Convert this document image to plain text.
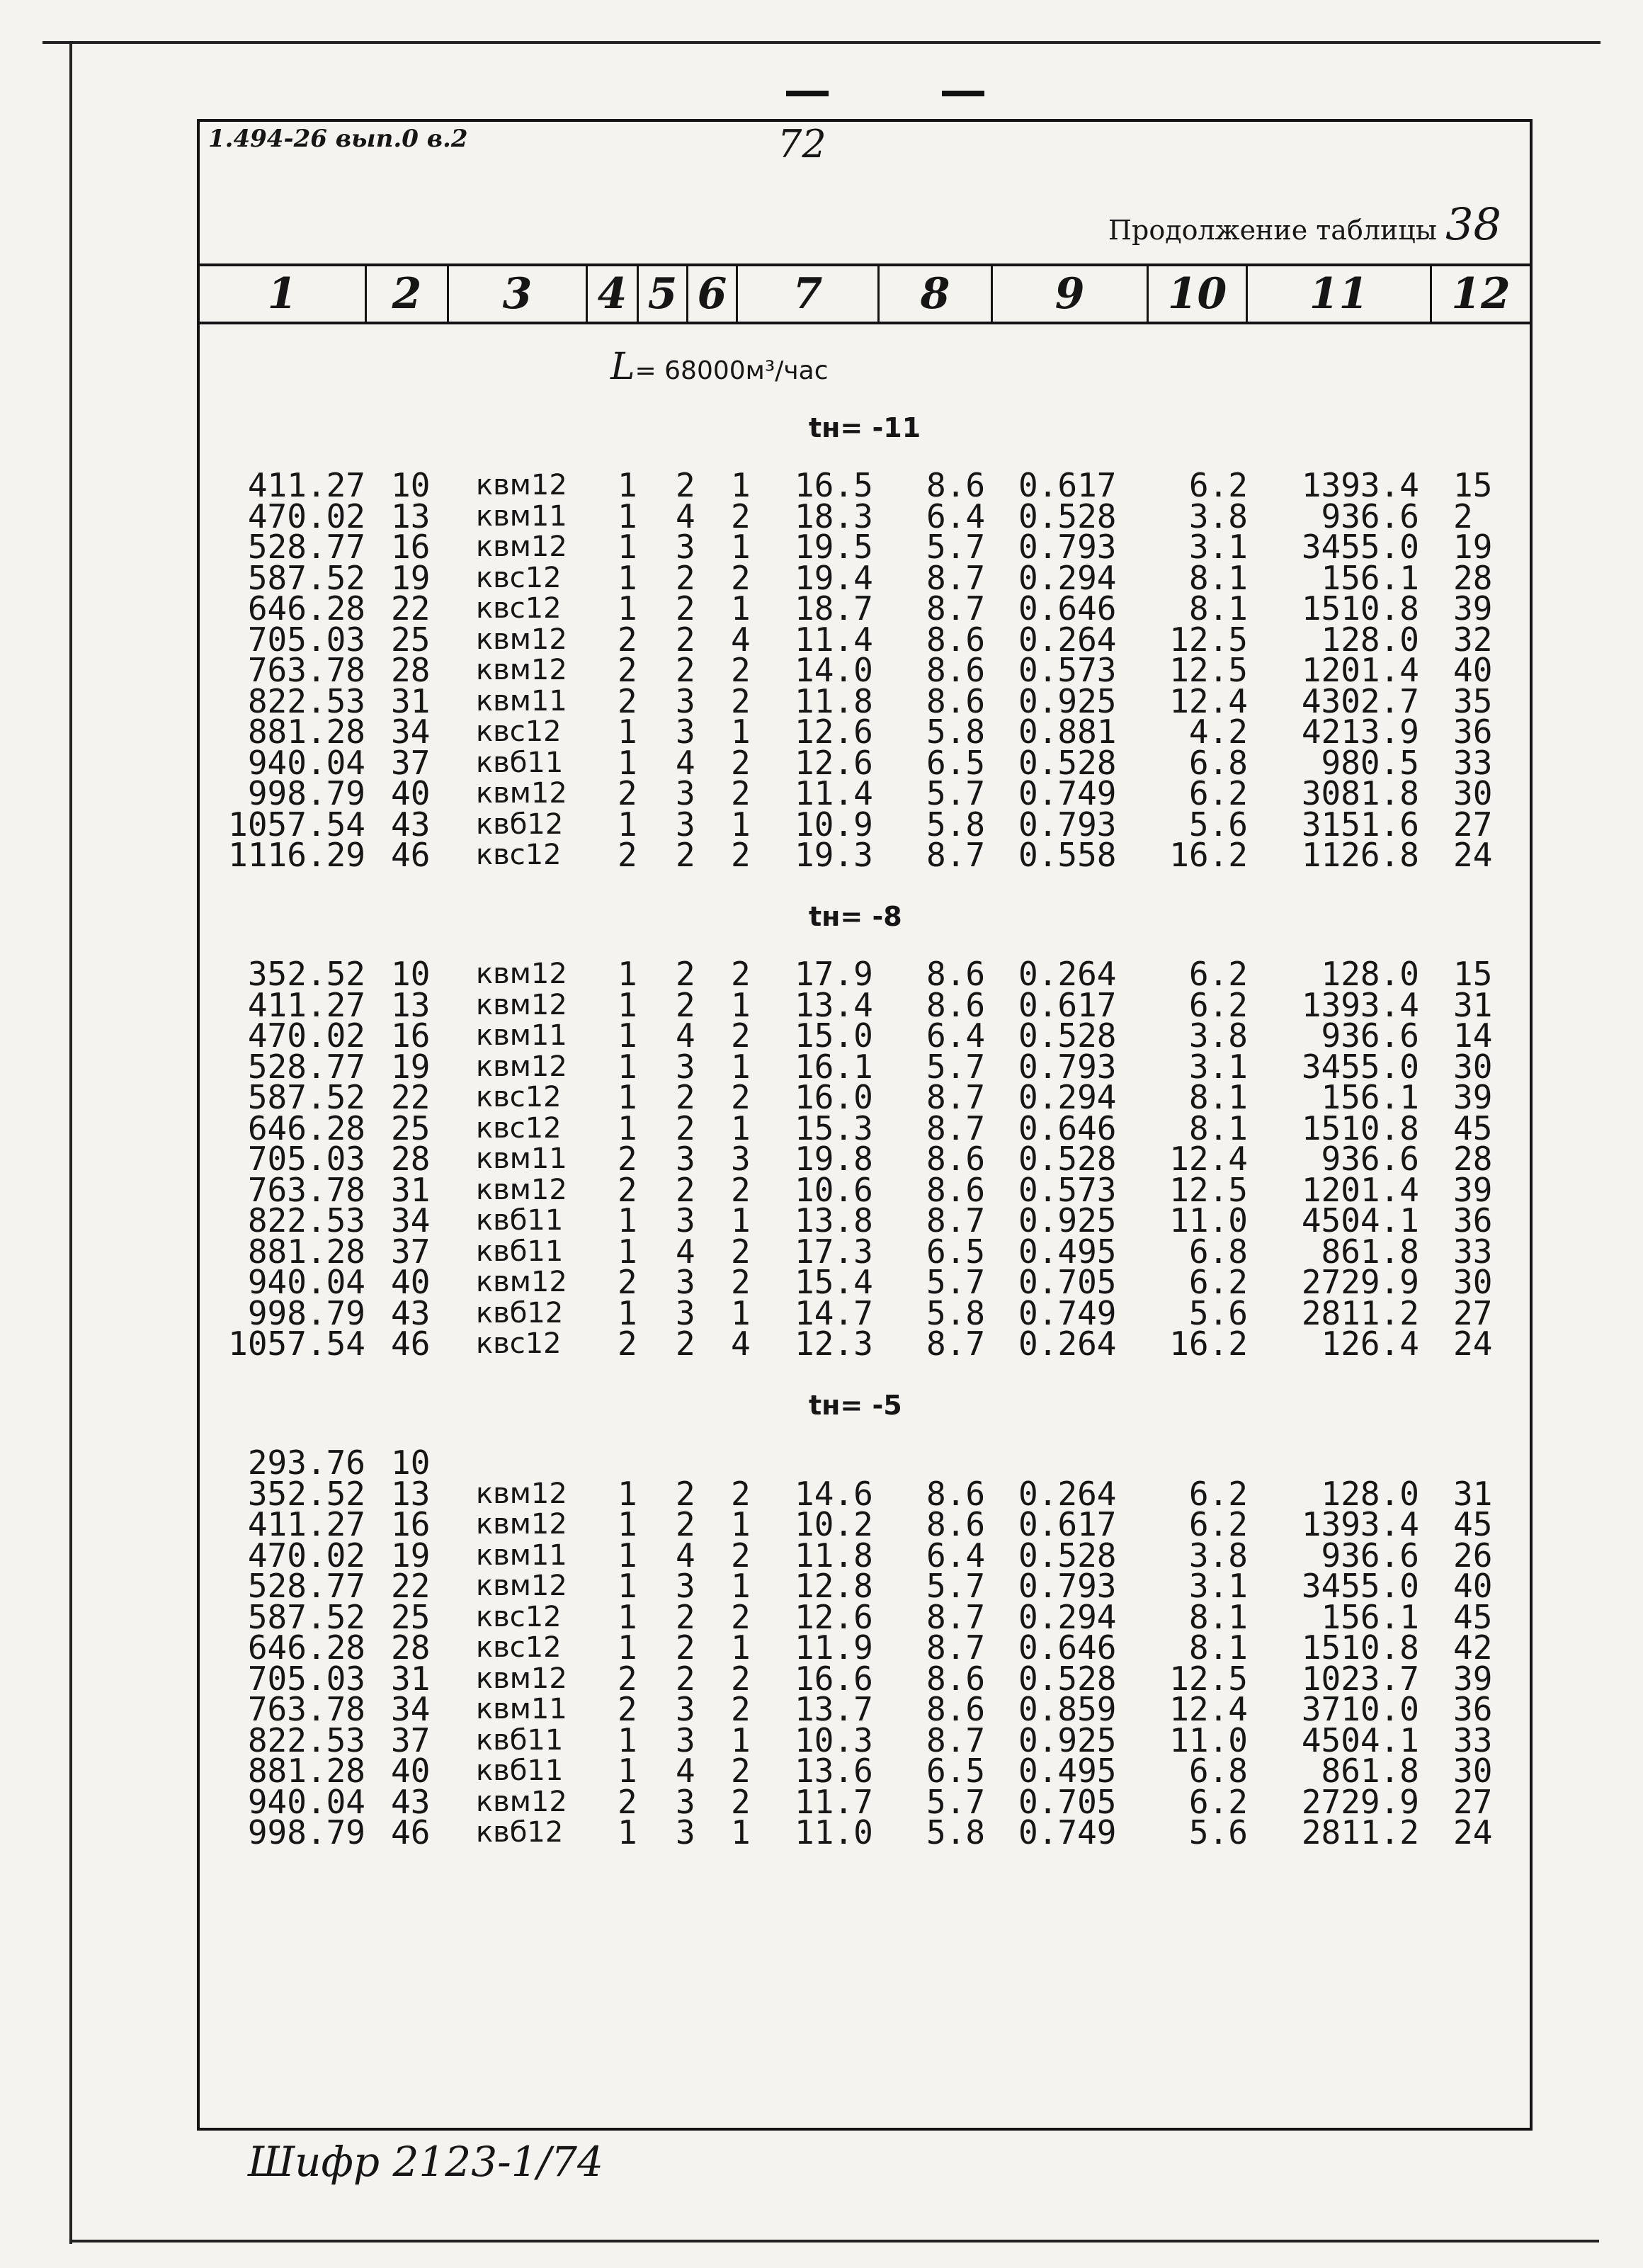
1.494-26 вып.0 в.2	72
Продолжение таблицы 38
1	2	3	4 5 6	7	8	9	10	11	12
L= 68000м³/час
tн= -11
411.27 10 квм12 1 2 1 16.5 8.6 0.617 6.2 1393.4 15
470.02 13 квм11 1 4 2 18.3 6.4 0.528 3.8 936.6 2
528.77 16 квм12 1 3 1 19.5 5.7 0.793 3.1 3455.0 19
587.52 19 квс12 1 2 2 19.4 8.7 0.294 8.1 156.1 28
646.28 22 квс12 1 2 1 18.7 8.7 0.646 8.1 1510.8 39
705.03 25 квм12 2 2 4 11.4 8.6 0.264 12.5 128.0 32
763.78 28 квм12 2 2 2 14.0 8.6 0.573 12.5 1201.4 40
822.53 31 квм11 2 3 2 11.8 8.6 0.925 12.4 4302.7 35
881.28 34 квс12 1 3 1 12.6 5.8 0.881 4.2 4213.9 36
940.04 37 квб11 1 4 2 12.6 6.5 0.528 6.8 980.5 33
998.79 40 квм12 2 3 2 11.4 5.7 0.749 6.2 3081.8 30
1057.54 43 квб12 1 3 1 10.9 5.8 0.793 5.6 3151.6 27
1116.29 46 квс12 2 2 2 19.3 8.7 0.558 16.2 1126.8 24
tн= -8
352.52 10 квм12 1 2 2 17.9 8.6 0.264 6.2 128.0 15
411.27 13 квм12 1 2 1 13.4 8.6 0.617 6.2 1393.4 31
470.02 16 квм11 1 4 2 15.0 6.4 0.528 3.8 936.6 14
528.77 19 квм12 1 3 1 16.1 5.7 0.793 3.1 3455.0 30
587.52 22 квс12 1 2 2 16.0 8.7 0.294 8.1 156.1 39
646.28 25 квс12 1 2 1 15.3 8.7 0.646 8.1 1510.8 45
705.03 28 квм11 2 3 3 19.8 8.6 0.528 12.4 936.6 28
763.78 31 квм12 2 2 2 10.6 8.6 0.573 12.5 1201.4 39
822.53 34 квб11 1 3 1 13.8 8.7 0.925 11.0 4504.1 36
881.28 37 квб11 1 4 2 17.3 6.5 0.495 6.8 861.8 33
940.04 40 квм12 2 3 2 15.4 5.7 0.705 6.2 2729.9 30
998.79 43 квб12 1 3 1 14.7 5.8 0.749 5.6 2811.2 27
1057.54 46 квс12 2 2 4 12.3 8.7 0.264 16.2 126.4 24
tн= -5
293.76 10
352.52 13 квм12 1 2 2 14.6 8.6 0.264 6.2 128.0 31
411.27 16 квм12 1 2 1 10.2 8.6 0.617 6.2 1393.4 45
470.02 19 квм11 1 4 2 11.8 6.4 0.528 3.8 936.6 26
528.77 22 квм12 1 3 1 12.8 5.7 0.793 3.1 3455.0 40
587.52 25 квс12 1 2 2 12.6 8.7 0.294 8.1 156.1 45
646.28 28 квс12 1 2 1 11.9 8.7 0.646 8.1 1510.8 42
705.03 31 квм12 2 2 2 16.6 8.6 0.528 12.5 1023.7 39
763.78 34 квм11 2 3 2 13.7 8.6 0.859 12.4 3710.0 36
822.53 37 квб11 1 3 1 10.3 8.7 0.925 11.0 4504.1 33
881.28 40 квб11 1 4 2 13.6 6.5 0.495 6.8 861.8 30
940.04 43 квм12 2 3 2 11.7 5.7 0.705 6.2 2729.9 27
998.79 46 квб12 1 3 1 11.0 5.8 0.749 5.6 2811.2 24
Шифр 2123-1/74
